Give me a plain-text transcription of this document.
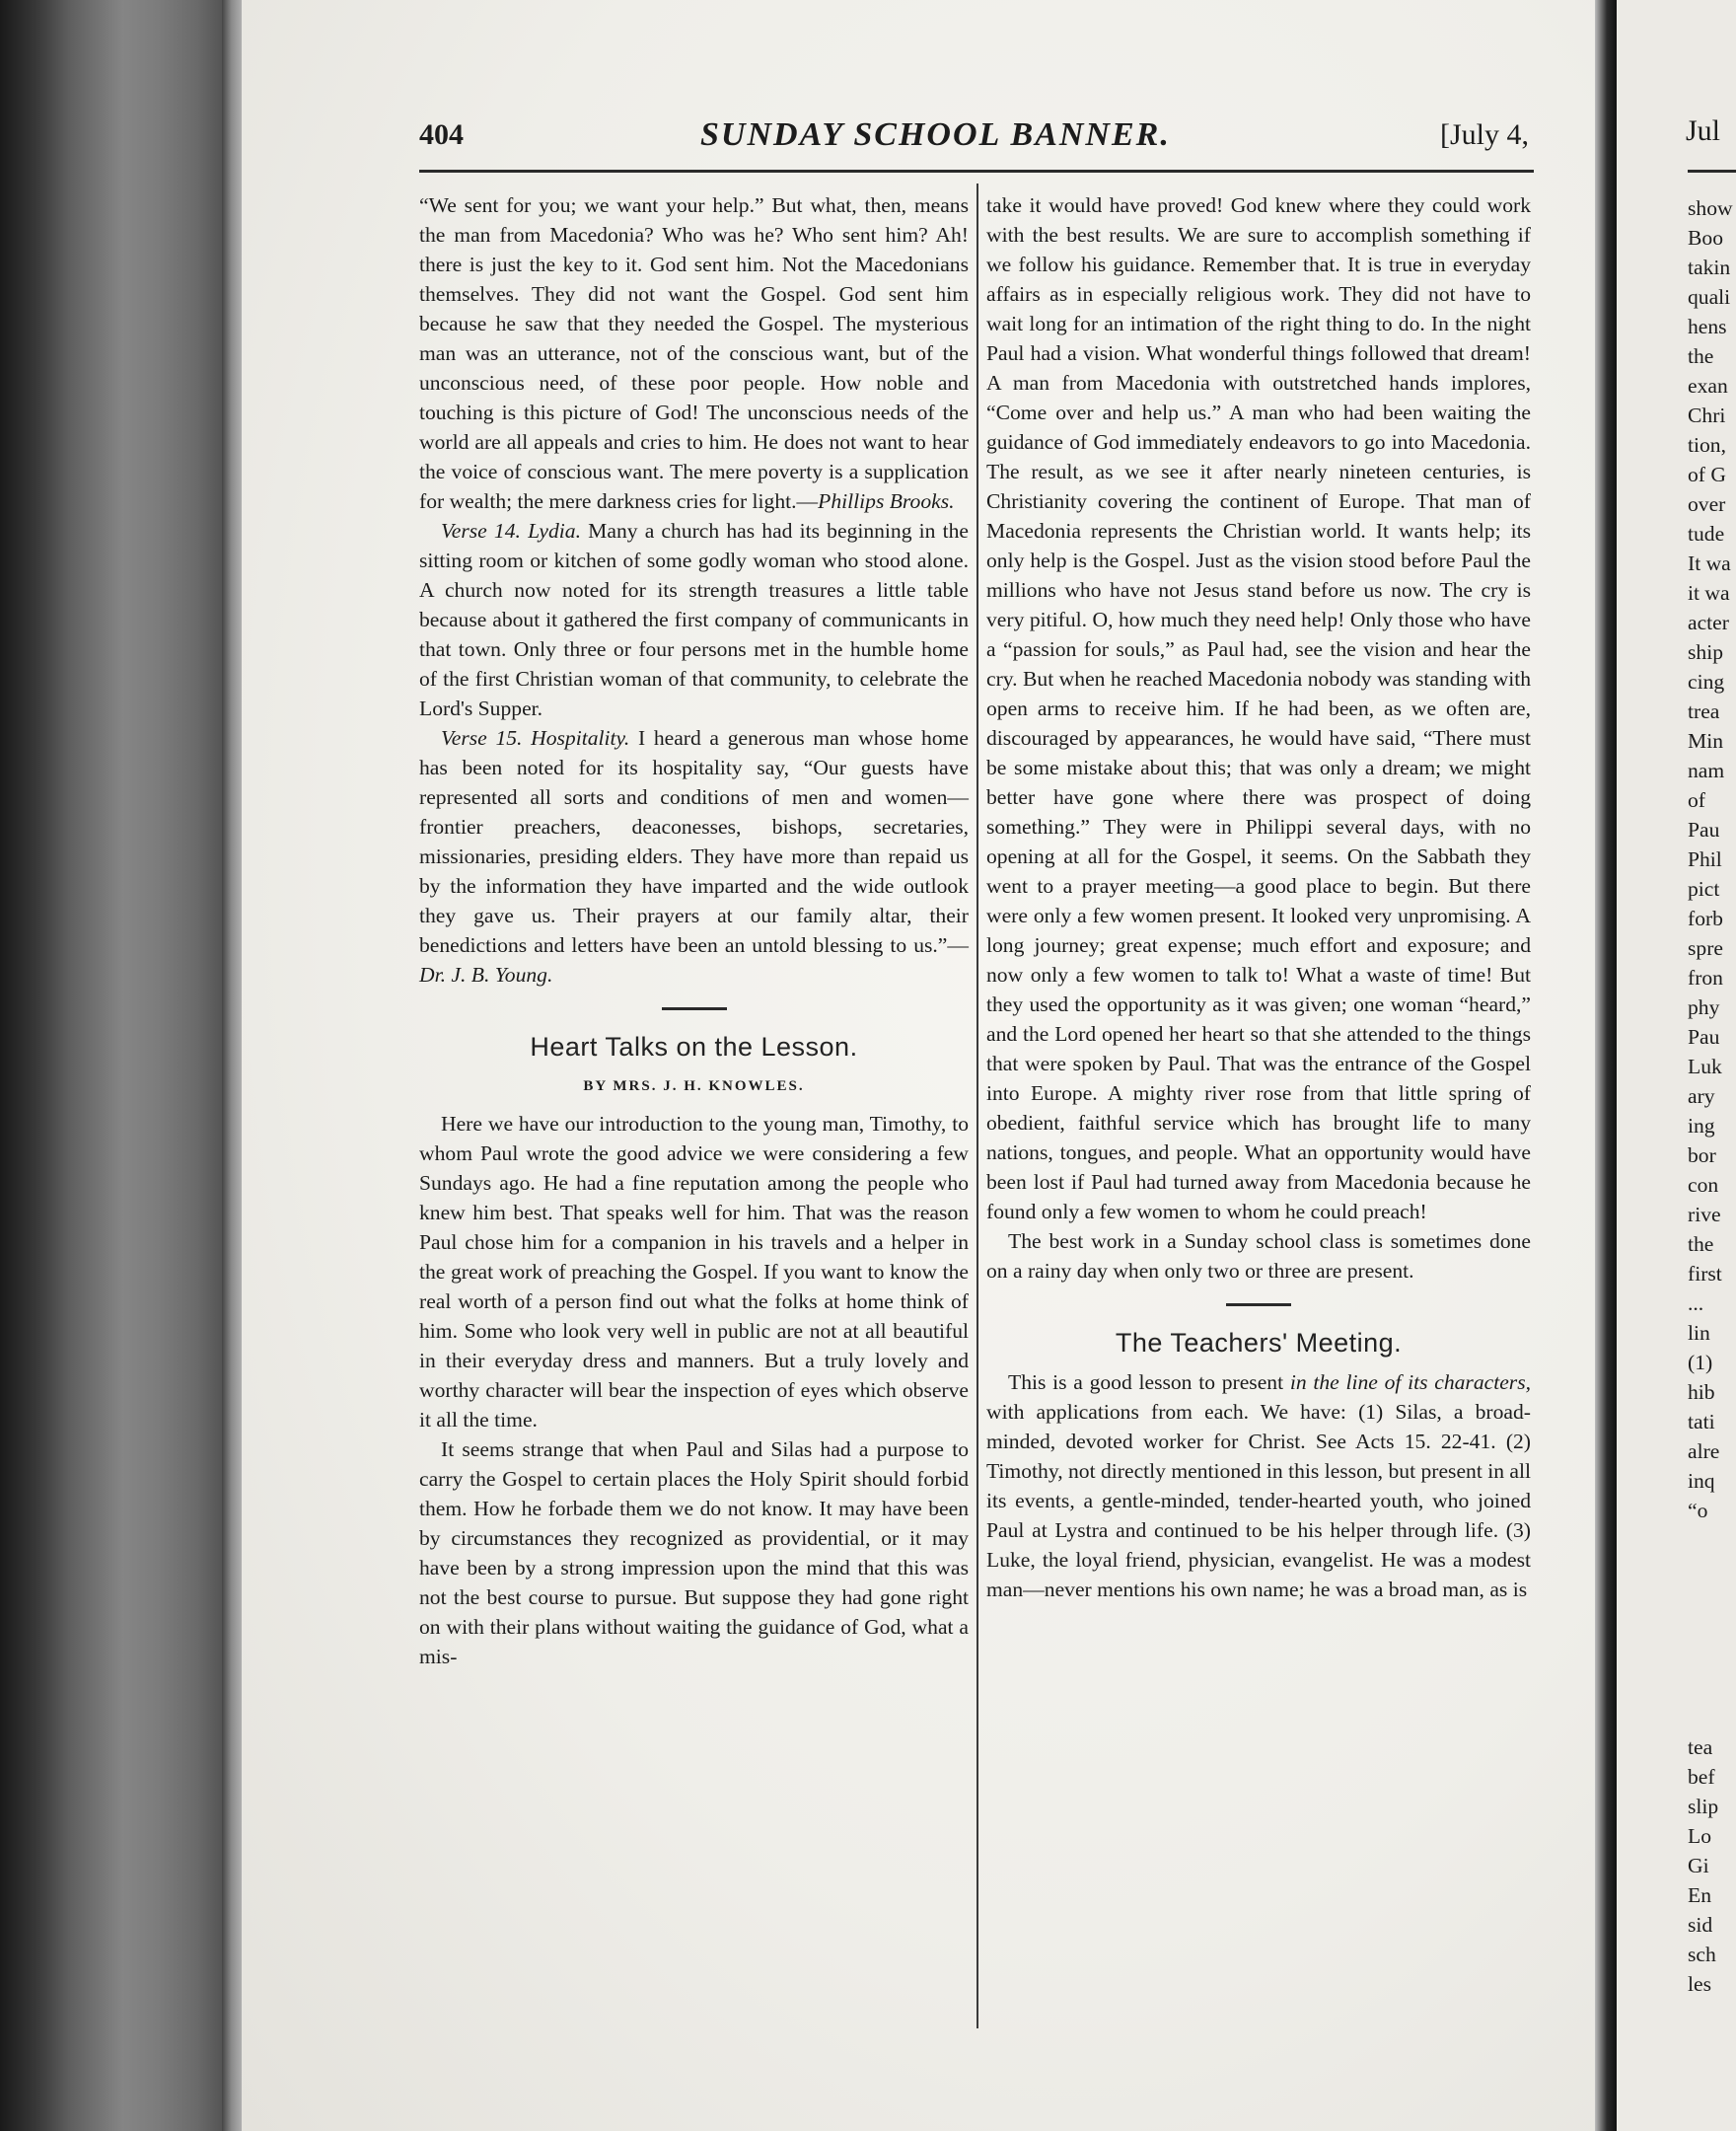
404	SUNDAY SCHOOL BANNER.	[July 4,

“We sent for you; we want your help.” But what, then, means the man from Macedonia? Who was he? Who sent him? Ah! there is just the key to it. God sent him. Not the Macedonians themselves. They did not want the Gospel. God sent him because he saw that they needed the Gospel. The mysterious man was an utterance, not of the conscious want, but of the unconscious need, of these poor people. How noble and touching is this picture of God! The unconscious needs of the world are all appeals and cries to him. He does not want to hear the voice of conscious want. The mere poverty is a supplication for wealth; the mere darkness cries for light.—Phillips Brooks.

Verse 14. Lydia. Many a church has had its beginning in the sitting room or kitchen of some godly woman who stood alone. A church now noted for its strength treasures a little table because about it gathered the first company of communicants in that town. Only three or four persons met in the humble home of the first Christian woman of that community, to celebrate the Lord's Supper.

Verse 15. Hospitality. I heard a generous man whose home has been noted for its hospitality say, “Our guests have represented all sorts and conditions of men and women—frontier preachers, deaconesses, bishops, secretaries, missionaries, presiding elders. They have more than repaid us by the information they have imparted and the wide outlook they gave us. Their prayers at our family altar, their benedictions and letters have been an untold blessing to us.”—Dr. J. B. Young.

Heart Talks on the Lesson.
BY MRS. J. H. KNOWLES.

Here we have our introduction to the young man, Timothy, to whom Paul wrote the good advice we were considering a few Sundays ago. He had a fine reputation among the people who knew him best. That speaks well for him. That was the reason Paul chose him for a companion in his travels and a helper in the great work of preaching the Gospel. If you want to know the real worth of a person find out what the folks at home think of him. Some who look very well in public are not at all beautiful in their everyday dress and manners. But a truly lovely and worthy character will bear the inspection of eyes which observe it all the time.

It seems strange that when Paul and Silas had a purpose to carry the Gospel to certain places the Holy Spirit should forbid them. How he forbade them we do not know. It may have been by circumstances they recognized as providential, or it may have been by a strong impression upon the mind that this was not the best course to pursue. But suppose they had gone right on with their plans without waiting the guidance of God, what a mis-

take it would have proved! God knew where they could work with the best results. We are sure to accomplish something if we follow his guidance. Remember that. It is true in everyday affairs as in especially religious work. They did not have to wait long for an intimation of the right thing to do. In the night Paul had a vision. What wonderful things followed that dream! A man from Macedonia with outstretched hands implores, “Come over and help us.” A man who had been waiting the guidance of God immediately endeavors to go into Macedonia. The result, as we see it after nearly nineteen centuries, is Christianity covering the continent of Europe. That man of Macedonia represents the Christian world. It wants help; its only help is the Gospel. Just as the vision stood before Paul the millions who have not Jesus stand before us now. The cry is very pitiful. O, how much they need help! Only those who have a “passion for souls,” as Paul had, see the vision and hear the cry. But when he reached Macedonia nobody was standing with open arms to receive him. If he had been, as we often are, discouraged by appearances, he would have said, “There must be some mistake about this; that was only a dream; we might better have gone where there was prospect of doing something.” They were in Philippi several days, with no opening at all for the Gospel, it seems. On the Sabbath they went to a prayer meeting—a good place to begin. But there were only a few women present. It looked very unpromising. A long journey; great expense; much effort and exposure; and now only a few women to talk to! What a waste of time! But they used the opportunity as it was given; one woman “heard,” and the Lord opened her heart so that she attended to the things that were spoken by Paul. That was the entrance of the Gospel into Europe. A mighty river rose from that little spring of obedient, faithful service which has brought life to many nations, tongues, and people. What an opportunity would have been lost if Paul had turned away from Macedonia because he found only a few women to whom he could preach!

The best work in a Sunday school class is sometimes done on a rainy day when only two or three are present.

The Teachers' Meeting.

This is a good lesson to present in the line of its characters, with applications from each. We have: (1) Silas, a broad-minded, devoted worker for Christ. See Acts 15. 22-41. (2) Timothy, not directly mentioned in this lesson, but present in all its events, a gentle-minded, tender-hearted youth, who joined Paul at Lystra and continued to be his helper through life. (3) Luke, the loyal friend, physician, evangelist. He was a modest man—never mentions his own name; he was a broad man, as is

Jul
show
Boo
takin
quali
hens
the
exan
Chri
tion,
of G
over
tude
It wa
it wa
acter
ship
cing
trea
Min
nam
of
Pau
Phil
pict
forb
spre
fron
phy
Pau
Luk
ary
ing
bor
con
rive
the
first
...
lin
(1)
hib
tati
alre
inq
“o
tea
bef
slip
Lo
Gi
En
sid
sch
les
